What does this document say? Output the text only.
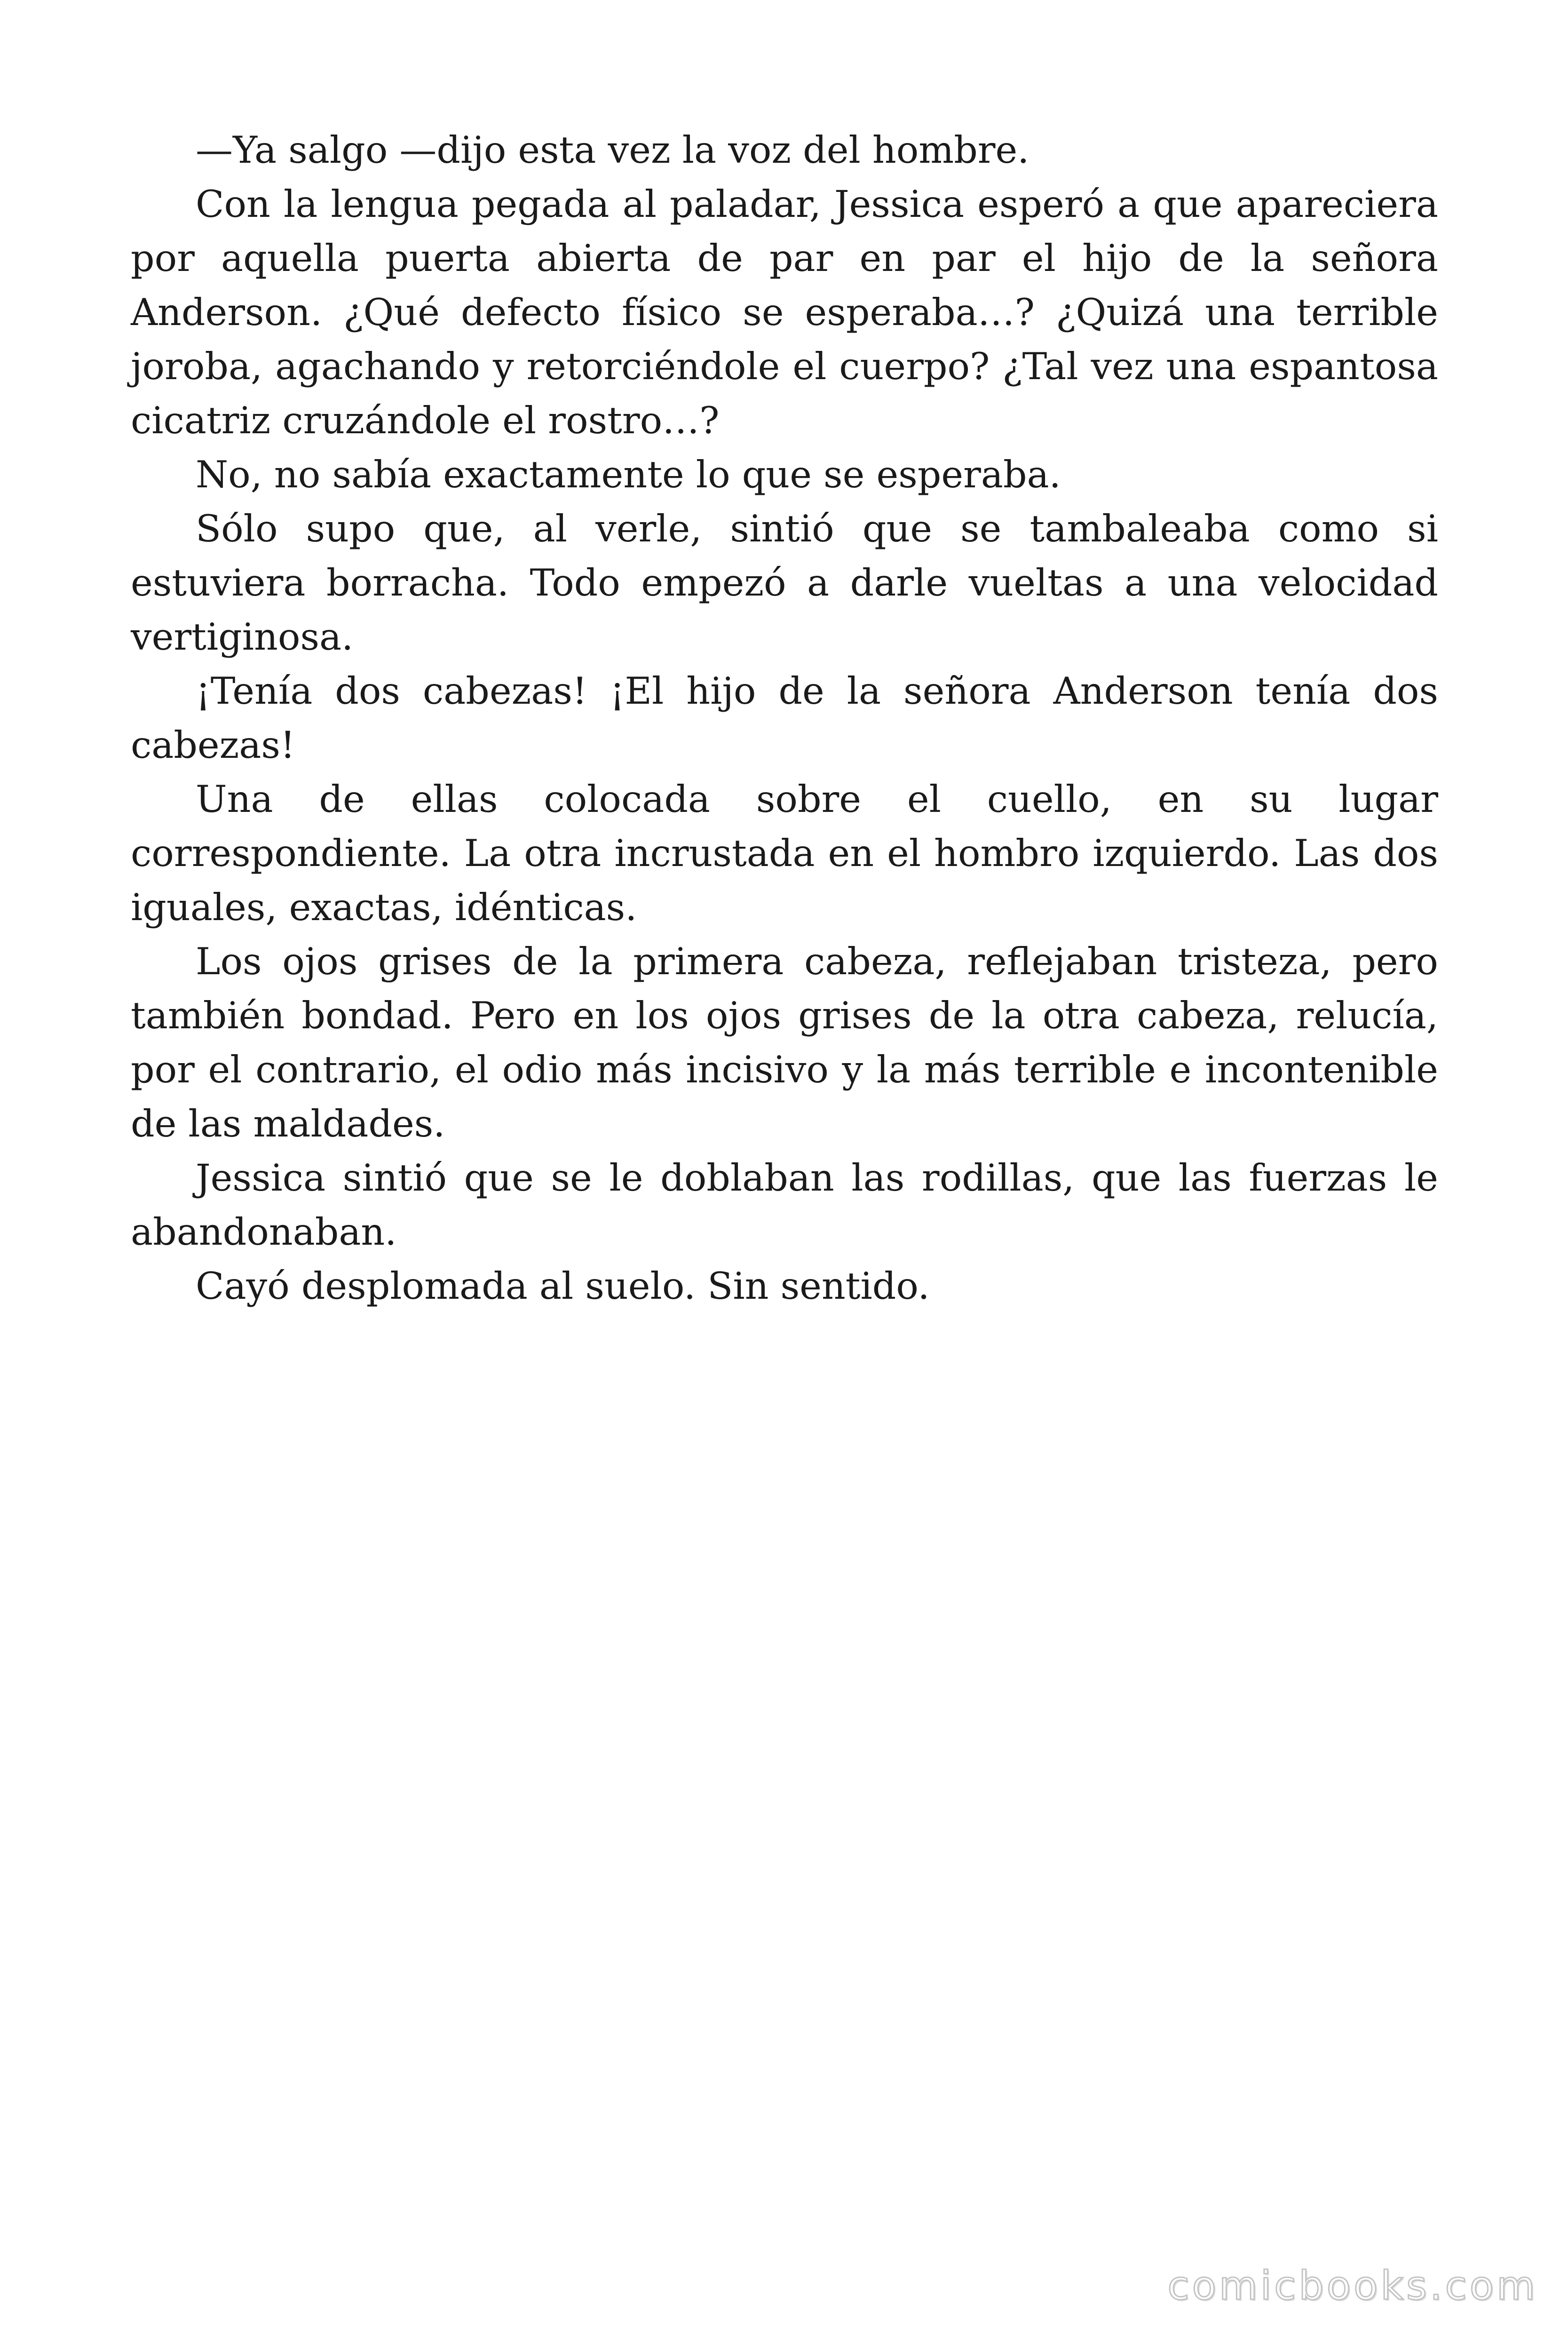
—Ya salgo —dijo esta vez la voz del hombre.

Con la lengua pegada al paladar, Jessica esperó a que apareciera por aquella puerta abierta de par en par el hijo de la señora Anderson. ¿Qué defecto físico se esperaba…? ¿Quizá una terrible joroba, agachando y retorciéndole el cuerpo? ¿Tal vez una espantosa cicatriz cruzándole el rostro…?

No, no sabía exactamente lo que se esperaba.

Sólo supo que, al verle, sintió que se tambaleaba como si estuviera borracha. Todo empezó a darle vueltas a una velocidad vertiginosa.

¡Tenía dos cabezas! ¡El hijo de la señora Anderson tenía dos cabezas!

Una de ellas colocada sobre el cuello, en su lugar correspondiente. La otra incrustada en el hombro izquierdo. Las dos iguales, exactas, idénticas.

Los ojos grises de la primera cabeza, reflejaban tristeza, pero también bondad. Pero en los ojos grises de la otra cabeza, relucía, por el contrario, el odio más incisivo y la más terrible e incontenible de las maldades.

Jessica sintió que se le doblaban las rodillas, que las fuerzas le abandonaban.

Cayó desplomada al suelo. Sin sentido.

comicbooks.com
